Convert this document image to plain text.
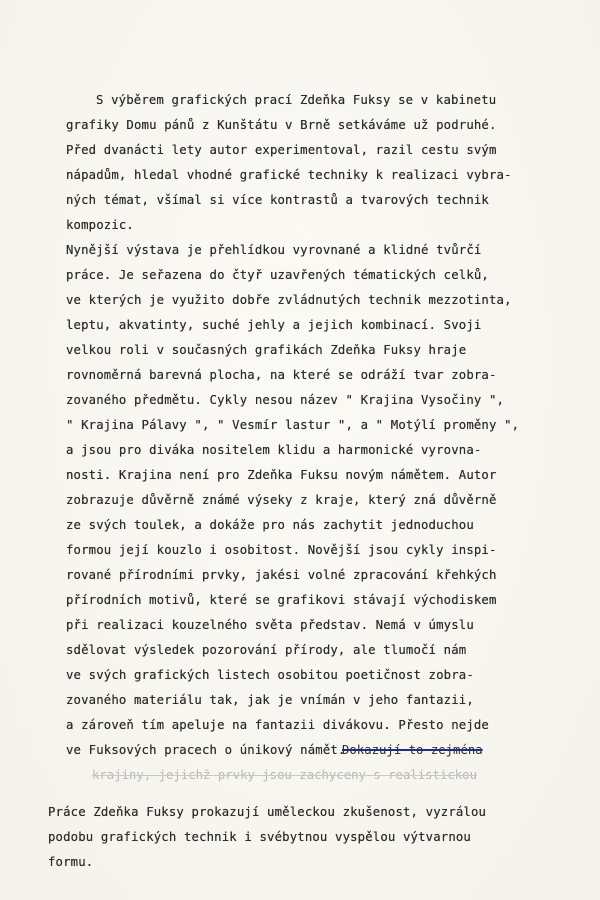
S výběrem grafických prací Zdeňka Fuksy se v kabinetu
grafiky Domu pánů z Kunštátu v Brně setkáváme už podruhé.
Před dvanácti lety autor experimentoval, razil cestu svým
nápadům, hledal vhodné grafické techniky k realizaci vybra-
ných témat, všímal si více kontrastů a tvarových technik
kompozic.
Nynější výstava je přehlídkou vyrovnané a klidné tvůrčí
práce. Je seřazena do čtyř uzavřených tématických celků,
ve kterých je využito dobře zvládnutých technik mezzotinta,
leptu, akvatinty, suché jehly a jejich kombinací. Svoji
velkou roli v současných grafikách Zdeňka Fuksy hraje
rovnoměrná barevná plocha, na které se odráží tvar zobra-
zovaného předmětu. Cykly nesou název " Krajina Vysočiny ",
" Krajina Pálavy ", " Vesmír lastur ", a " Motýlí proměny ",
a jsou pro diváka nositelem klidu a harmonické vyrovna-
nosti. Krajina není pro Zdeňka Fuksu novým námětem. Autor
zobrazuje důvěrně známé výseky z kraje, který zná důvěrně
ze svých toulek, a dokáže pro nás zachytit jednoduchou
formou její kouzlo i osobitost. Novější jsou cykly inspi-
rované přírodními prvky, jakési volné zpracování křehkých
přírodních motivů, které se grafikovi stávají východiskem
při realizaci kouzelného světa představ. Nemá v úmyslu
sdělovat výsledek pozorování přírody, ale tlumočí nám
ve svých grafických listech osobitou poetičnost zobra-
zovaného materiálu tak, jak je vnímán v jeho fantazii,
a zároveň tím apeluje na fantazii divákovu. Přesto nejde
ve Fuksových pracech o únikový námět.
Dokazují to zejména
krajiny, jejichž prvky jsou zachyceny s realistickou
Práce Zdeňka Fuksy prokazují uměleckou zkušenost, vyzrálou
podobu grafických technik i svébytnou vyspělou výtvarnou
formu.
